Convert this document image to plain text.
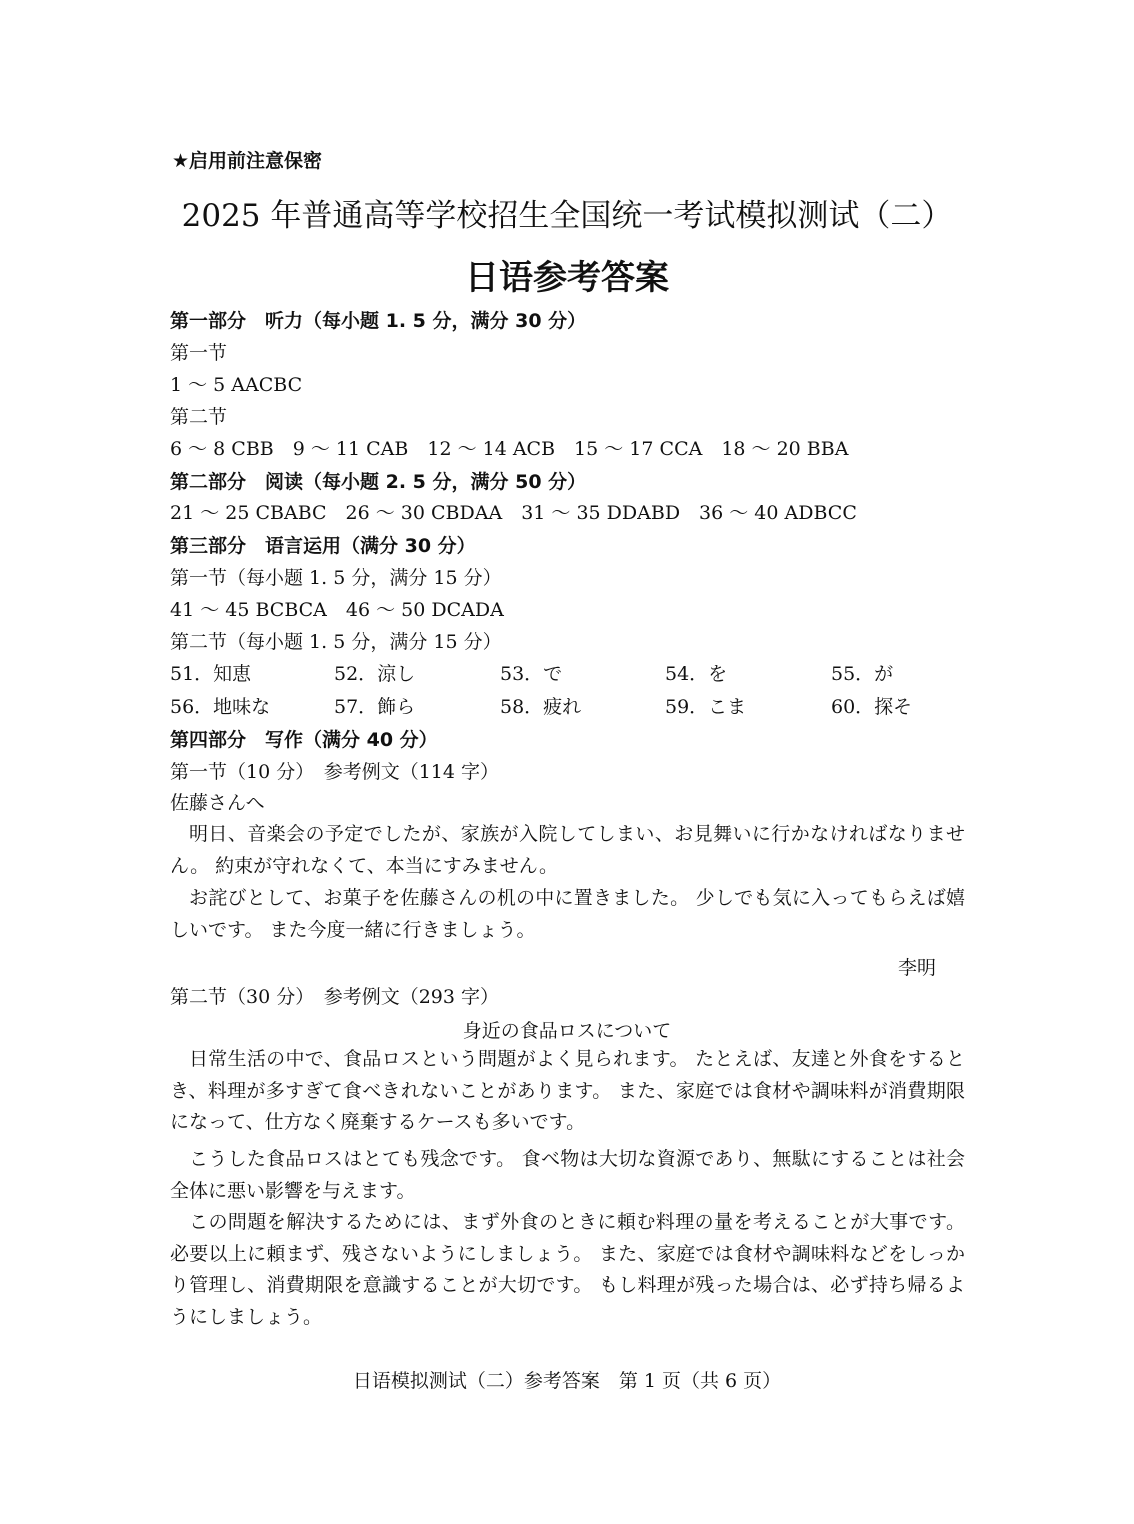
★启用前注意保密
2025 年普通高等学校招生全国统一考试模拟测试（二）
日语参考答案
第一部分　听力（每小题 1. 5 分，满分 30 分）
第一节
1 ～ 5 AACBC
第二节
6 ～ 8 CBB　9 ～ 11 CAB　12 ～ 14 ACB　15 ～ 17 CCA　18 ～ 20 BBA
第二部分　阅读（每小题 2. 5 分，满分 50 分）
21 ～ 25 CBABC　26 ～ 30 CBDAA　31 ～ 35 DDABD　36 ～ 40 ADBCC
第三部分　语言运用（满分 30 分）
第一节（每小题 1. 5 分，满分 15 分）
41 ～ 45 BCBCA　46 ～ 50 DCADA
第二节（每小题 1. 5 分，满分 15 分）
51．知恵	52．涼し	53．で	54．を	55．が
56．地味な	57．飾ら	58．疲れ	59．こま	60．探そ
第四部分　写作（满分 40 分）
第一节（10 分）　参考例文（114 字）
佐藤さんへ
明日、音楽会の予定でしたが、家族が入院してしまい、お見舞いに行かなければなりません。 約束が守れなくて、本当にすみません。
お詫びとして、お菓子を佐藤さんの机の中に置きました。 少しでも気に入ってもらえば嬉しいです。 また今度一緒に行きましょう。
李明
第二节（30 分）　参考例文（293 字）
身近の食品ロスについて
日常生活の中で、食品ロスという問題がよく見られます。 たとえば、友達と外食をするとき、料理が多すぎて食べきれないことがあります。 また、家庭では食材や調味料が消費期限になって、仕方なく廃棄するケースも多いです。
こうした食品ロスはとても残念です。 食べ物は大切な資源であり、無駄にすることは社会全体に悪い影響を与えます。
この問題を解決するためには、まず外食のときに頼む料理の量を考えることが大事です。 必要以上に頼まず、残さないようにしましょう。 また、家庭では食材や調味料などをしっかり管理し、消費期限を意識することが大切です。 もし料理が残った場合は、必ず持ち帰るようにしましょう。
日语模拟测试（二）参考答案　第 1 页（共 6 页）
